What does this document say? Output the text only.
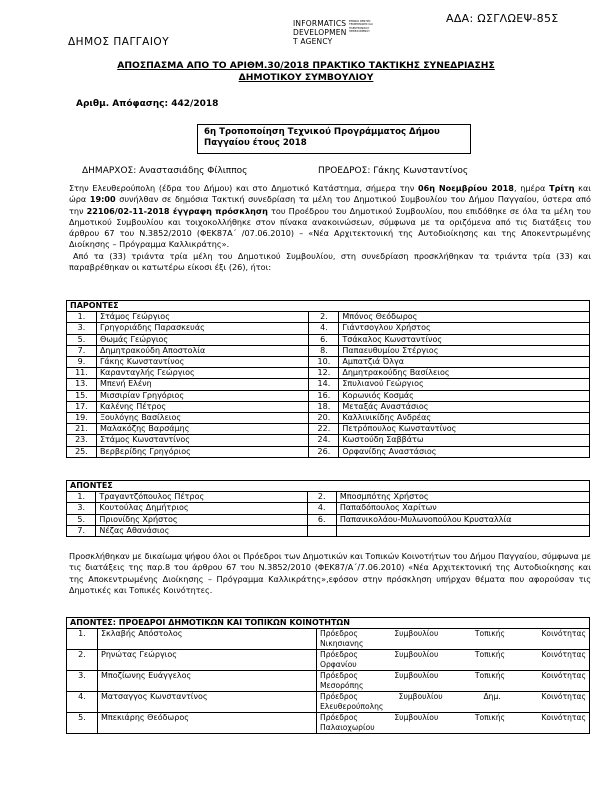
ΑΔΑ: ΩΣΓΛΩΕΨ-85Σ
ΔΗΜΟΣ ΠΑΓΓΑΙΟΥ
INFORMATICS
DEVELOPMEN
T AGENCY
ΕΘΝΙΚΟ ΚΕΝΤΡΟ ΤΕΚΜΗΡΙΩΣΗΣ ΚΑΙ ΗΛΕΚΤΡΟΝΙΚΟΥ ΠΕΡΙΕΧΟΜΕΝΟΥ
ΑΠΟΣΠΑΣΜΑ ΑΠΟ ΤΟ ΑΡΙΘΜ.30/2018 ΠΡΑΚΤΙΚΟ ΤΑΚΤΙΚΗΣ ΣΥΝΕΔΡΙΑΣΗΣ
ΔΗΜΟΤΙΚΟΥ ΣΥΜΒΟΥΛΙΟΥ
Αριθμ. Απόφασης: 442/2018
6η Τροποποίηση Τεχνικού Προγράμματος Δήμου Παγγαίου έτους 2018
ΔΗΜΑΡΧΟΣ: Αναστασιάδης Φίλιππος	ΠΡΟΕΔΡΟΣ: Γάκης Κωνσταντίνος

Στην Ελευθερούπολη (έδρα του Δήμου) και στο Δημοτικό Κατάστημα, σήμερα την 06η Νοεμβρίου 2018, ημέρα Τρίτη και ώρα 19:00 συνήλθαν σε δημόσια Τακτική συνεδρίαση τα μέλη του Δημοτικού Συμβουλίου του Δήμου Παγγαίου, ύστερα από την 22106/02-11-2018 έγγραφη πρόσκληση του Προέδρου του Δημοτικού Συμβουλίου, που επιδόθηκε σε όλα τα μέλη του Δημοτικού Συμβουλίου και τοιχοκολλήθηκε στον πίνακα ανακοινώσεων, σύμφωνα με τα οριζόμενα από τις διατάξεις του άρθρου 67 του Ν.3852/2010 (ΦΕΚ87Α΄ /07.06.2010) – «Νέα Αρχιτεκτονική της Αυτοδιοίκησης και της Αποκεντρωμένης Διοίκησης – Πρόγραμμα Καλλικράτης».

Από τα (33) τριάντα τρία μέλη του Δημοτικού Συμβουλίου, στη συνεδρίαση προσκλήθηκαν τα τριάντα τρία (33) και παραβρέθηκαν οι κατωτέρω είκοσι έξι (26), ήτοι:

ΠΑΡΟΝΤΕΣ			
1.	Στάμος Γεώργιος	2.	Μπόνος Θεόδωρος
3.	Γρηγοριάδης Παρασκευάς	4.	Γιάντσογλου Χρήστος
5.	Θωμάς Γεώργιος	6.	Τσάκαλος Κωνσταντίνος
7.	Δημητρακούδη Αποστολία	8.	Παπαευθυμίου Στέργιος
9.	Γάκης Κωνσταντίνος	10.	Αμπατζιά Όλγα
11.	Καρανταγλής Γεώργιος	12.	Δημητρακούδης Βασίλειος
13.	Μπενή Ελένη	14.	Σπυλιανού Γεώργιος
15.	Μισσιρίαν Γρηγόριος	16.	Κορωνιός Κοσμάς
17.	Καλένης Πέτρος	18.	Μεταξάς Αναστάσιος
19.	Ξουλόγης Βασίλειος	20.	Καλλινικίδης Ανδρέας
21.	Μαλακόζης Βαρσάμης	22.	Πετρόπουλος Κωνσταντίνος
23.	Στάμος Κωνσταντίνος	24.	Κωστούδη Σαββάτω
25.	Βερβερίδης Γρηγόριος	26.	Ορφανίδης Αναστάσιος
ΑΠΟΝΤΕΣ			
1.	Τραγαντζόπουλος Πέτρος	2.	Μποσμπότης Χρήστος
3.	Κουτούλας Δημήτριος	4.	Παπαδόπουλος Χαρίτων
5.	Πριονίδης Χρήστος	6.	Παπανικολάου-Μυλωνοπούλου Κρυσταλλία
7.	Νέζας Αθανάσιος		
Προσκλήθηκαν με δικαίωμα ψήφου όλοι οι Πρόεδροι των Δημοτικών και Τοπικών Κοινοτήτων του Δήμου Παγγαίου, σύμφωνα με τις διατάξεις της παρ.8 του άρθρου 67 του Ν.3852/2010 (ΦΕΚ87/Α΄/7.06.2010) «Νέα Αρχιτεκτονική της Αυτοδιοίκησης και της Αποκεντρωμένης Διοίκησης – Πρόγραμμα Καλλικράτης»,εφόσον στην πρόσκληση υπήρχαν θέματα που αφορούσαν τις Δημοτικές και Τοπικές Κοινότητες.
ΑΠΟΝΤΕΣ: ΠΡΟΕΔΡΟΙ ΔΗΜΟΤΙΚΩΝ ΚΑΙ ΤΟΠΙΚΩΝ ΚΟΙΝΟΤΗΤΩΝ		
1.	Σκλαβής Απόστολος	Πρόεδρος Συμβουλίου Τοπικής Κοινότητας
Νικησιανης

2.	Ρηνώτας Γεώργιος	Πρόεδρος Συμβουλίου Τοπικής Κοινότητας
Ορφανίου

3.	Μποζίωνης Ευάγγελος	Πρόεδρος Συμβουλίου Τοπικής Κοινότητας
Μεσορόπης

4.	Ματσαγγος Κωνσταντίνος	Πρόεδρος Συμβουλίου Δημ. Κοινότητας
Ελευθερούπολης

5.	Μπεκιάρης Θεόδωρος	Πρόεδρος Συμβουλίου Τοπικής Κοινότητας
Παλαιοχωρίου
